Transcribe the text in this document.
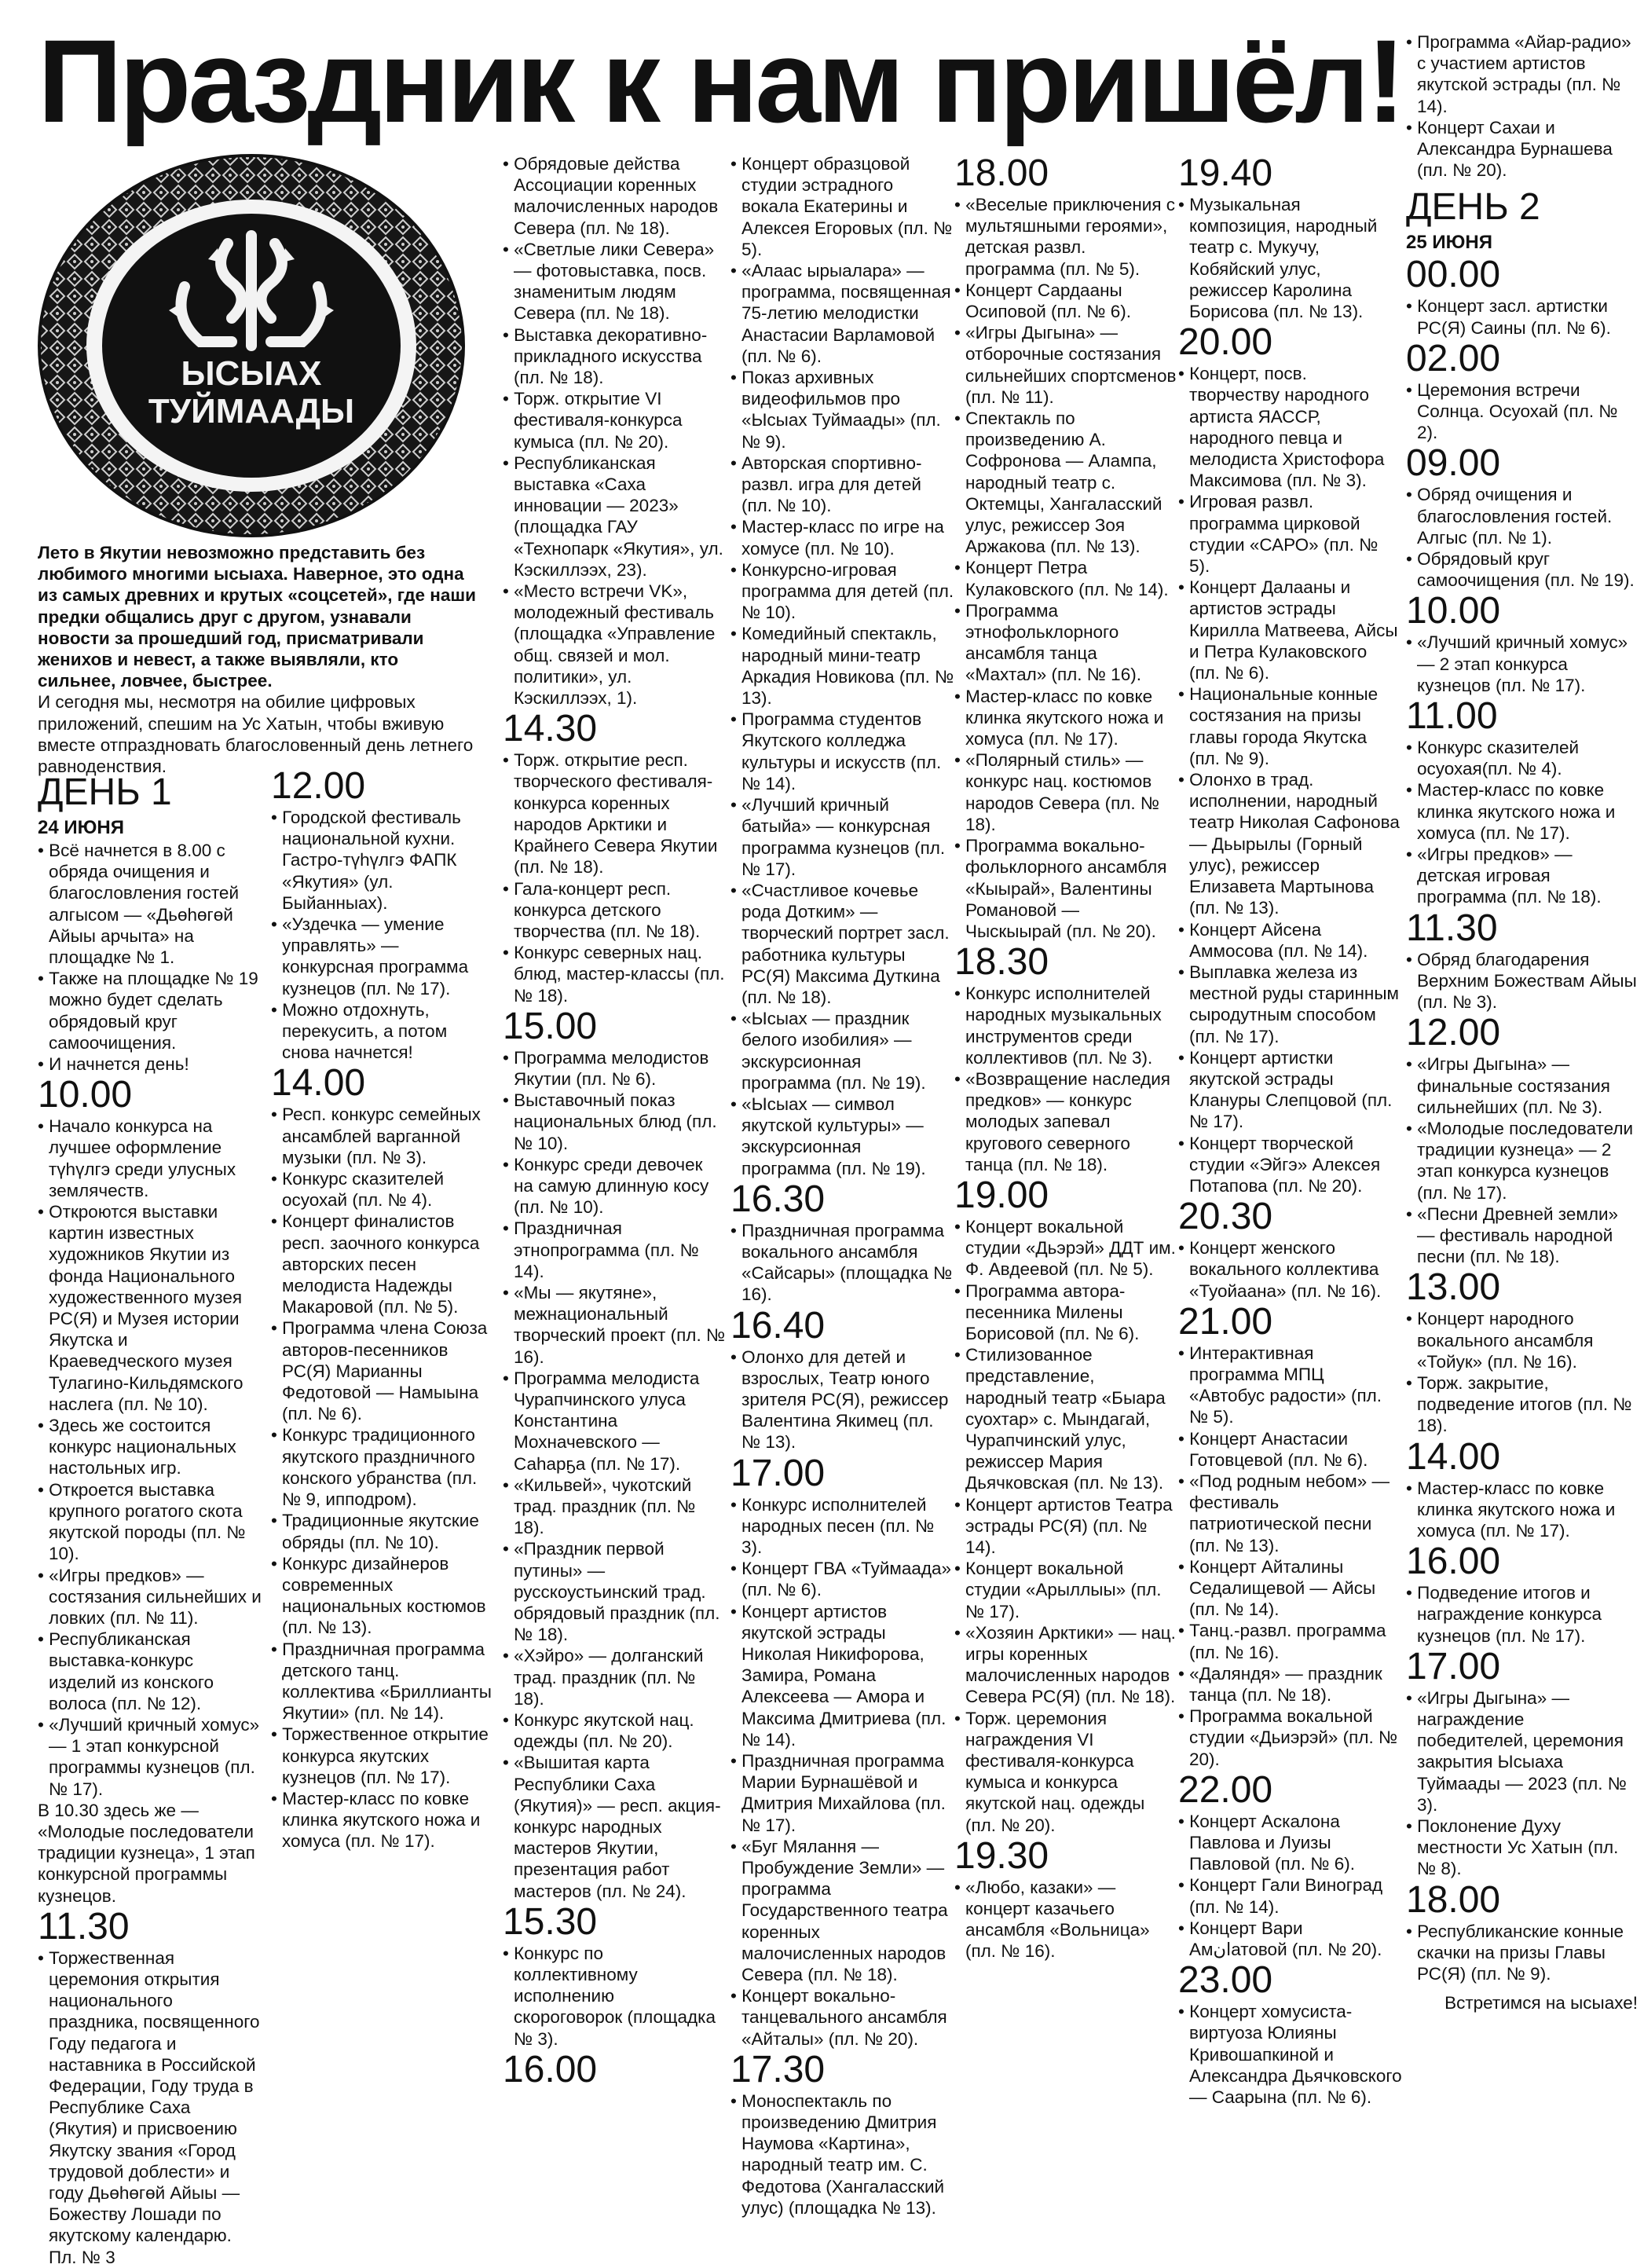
Праздник к нам пришёл!
ЫСЫАХ
ТУЙМААДЫ

Лето в Якутии невозможно представить без любимого многими ысыаха. Наверное, это одна из самых древних и крутых «соцсетей», где наши предки общались друг с другом, узнавали новости за прошедший год, присматривали женихов и невест, а также выявляли, кто сильнее, ловчее, быстрее.

И сегодня мы, несмотря на обилие цифровых приложений, спешим на Ус Хатын, чтобы вживую вместе отпраздновать благословенный день летнего равноденствия.

ДЕНЬ 1

24 ИЮНЯ

• Всё начнется в 8.00 с обряда очищения и благословления гостей алгысом — «Дьөһөгөй Айыы арчыта» на площадке № 1.

• Также на площадке № 19 можно будет сделать обрядовый круг самоочищения.

• И начнется день!

10.00

• Начало конкурса на лучшее оформление түһүлгэ среди улусных землячеств.

• Откроются выставки картин известных художников Якутии из фонда Национального художественного музея РС(Я) и Музея истории Якутска и Краеведческого музея Тулагино-Кильдямского наслега (пл. № 10).

• Здесь же состоится конкурс национальных настольных игр.

• Откроется выставка крупного рогатого скота якутской породы (пл. № 10).

• «Игры предков» — состязания сильнейших и ловких (пл. № 11).

• Республиканская выставка-конкурс изделий из конского волоса (пл. № 12).

• «Лучший кричный хомус» — 1 этап конкурсной программы кузнецов (пл. № 17).

В 10.30 здесь же — «Молодые последователи традиции кузнеца», 1 этап конкурсной программы кузнецов.

11.30

• Торжественная церемония открытия национального праздника, посвященного Году педагога и наставника в Российской Федерации, Году труда в Республике Саха (Якутия) и присвоению Якутску звания «Город трудовой доблести» и году Дьөһөгөй Айыы — Божеству Лошади по якутскому календарю. Пл. № 3

12.00

• Городской фестиваль национальной кухни. Гастро-түһүлгэ ФАПК «Якутия» (ул. Быйанныах).

• «Уздечка — умение управлять» — конкурсная программа кузнецов (пл. № 17).

• Можно отдохнуть, перекусить, а потом снова начнется!

14.00

• Респ. конкурс семейных ансамблей варганной музыки (пл. № 3).

• Конкурс сказителей осуохай (пл. № 4).

• Концерт финалистов респ. заочного конкурса авторских песен мелодиста Надежды Макаровой (пл. № 5).

• Программа члена Союза авторов-песенников РС(Я) Марианны Федотовой — Намыына (пл. № 6).

• Конкурс традиционного якутского праздничного конского убранства (пл. № 9, ипподром).

• Традиционные якутские обряды (пл. № 10).

• Конкурс дизайнеров современных национальных костюмов (пл. № 13).

• Праздничная программа детского танц. коллектива «Бриллианты Якутии» (пл. № 14).

• Торжественное открытие конкурса якутских кузнецов (пл. № 17).

• Мастер-класс по ковке клинка якутского ножа и хомуса (пл. № 17).

• Обрядовые действа Ассоциации коренных малочисленных народов Севера (пл. № 18).

• «Светлые лики Севера» — фотовыставка, посв. знаменитым людям Севера (пл. № 18).

• Выставка декоративно-прикладного искусства (пл. № 18).

• Торж. открытие VI фестиваля-конкурса кумыса (пл. № 20).

• Республиканская выставка «Саха инновации — 2023» (площадка ГАУ «Технопарк «Якутия», ул. Кэскиллээх, 23).

• «Место встречи VK», молодежный фестиваль (площадка «Управление общ. связей и мол. политики», ул. Кэскиллээх, 1).

14.30

• Торж. открытие респ. творческого фестиваля-конкурса коренных народов Арктики и Крайнего Севера Якутии (пл. № 18).

• Гала-концерт респ. конкурса детского творчества (пл. № 18).

• Конкурс северных нац. блюд, мастер-классы (пл. № 18).

15.00

• Программа мелодистов Якутии (пл. № 6).

• Выставочный показ национальных блюд (пл. № 10).

• Конкурс среди девочек на самую длинную косу (пл. № 10).

• Праздничная этнопрограмма (пл. № 14).

• «Мы — якутяне», межнациональный творческий проект (пл. № 16).

• Программа мелодиста Чурапчинского улуса Константина Мохначевского — Саһарҕа (пл. № 17).

• «Кильвей», чукотский трад. праздник (пл. № 18).

• «Праздник первой путины» — русскоустьинский трад. обрядовый праздник (пл. № 18).

• «Хэйро» — долганский трад. праздник (пл. № 18).

• Конкурс якутской нац. одежды (пл. № 20).

• «Вышитая карта Республики Саха (Якутия)» — респ. акция-конкурс народных мастеров Якутии, презентация работ мастеров (пл. № 24).

15.30

• Конкурс по коллективному исполнению скороговорок (площадка № 3).

16.00

• Концерт образцовой студии эстрадного вокала Екатерины и Алексея Егоровых (пл. № 5).

• «Алаас ырыалара» — программа, посвященная 75-летию мелодистки Анастасии Варламовой (пл. № 6).

• Показ архивных видеофильмов про «Ысыах Туймаады» (пл. № 9).

• Авторская спортивно-развл. игра для детей (пл. № 10).

• Мастер-класс по игре на хомусе (пл. № 10).

• Конкурсно-игровая программа для детей (пл. № 10).

• Комедийный спектакль, народный мини-театр Аркадия Новикова (пл. № 13).

• Программа студентов Якутского колледжа культуры и искусств (пл. № 14).

• «Лучший кричный батыйа» — конкурсная программа кузнецов (пл. № 17).

• «Счастливое кочевье рода Дотким» — творческий портрет засл. работника культуры РС(Я) Максима Дуткина (пл. № 18).

• «Ысыах — праздник белого изобилия» — экскурсионная программа (пл. № 19).

• «Ысыах — символ якутской культуры» — экскурсионная программа (пл. № 19).

16.30

• Праздничная программа вокального ансамбля «Сайсары» (площадка № 16).

16.40

• Олонхо для детей и взрослых, Театр юного зрителя РС(Я), режиссер Валентина Якимец (пл. № 13).

17.00

• Конкурс исполнителей народных песен (пл. № 3).

• Концерт ГВА «Туймаада» (пл. № 6).

• Концерт артистов якутской эстрады Николая Никифорова, Замира, Романа Алексеева — Амора и Максима Дмитриева (пл. № 14).

• Праздничная программа Марии Бурнашёвой и Дмитрия Михайлова (пл. № 17).

• «Буг Мялання — Пробуждение Земли» — программа Государственного театра коренных малочисленных народов Севера (пл. № 18).

• Концерт вокально-танцевального ансамбля «Айталы» (пл. № 20).

17.30

• Моноспектакль по произведению Дмитрия Наумова «Картина», народный театр им. С. Федотова (Хангаласский улус) (площадка № 13).

18.00

• «Веселые приключения с мультяшными героями», детская развл. программа (пл. № 5).

• Концерт Сардааны Осиповой (пл. № 6).

• «Игры Дыгына» — отборочные состязания сильнейших спортсменов (пл. № 11).

• Спектакль по произведению А. Софронова — Алампа, народный театр с. Октемцы, Хангаласский улус, режиссер Зоя Аржакова (пл. № 13).

• Концерт Петра Кулаковского (пл. № 14).

• Программа этнофольклорного ансамбля танца «Махтал» (пл. № 16).

• Мастер-класс по ковке клинка якутского ножа и хомуса (пл. № 17).

• «Полярный стиль» — конкурс нац. костюмов народов Севера (пл. № 18).

• Программа вокально-фольклорного ансамбля «Кыырай», Валентины Романовой — Чыскыырай (пл. № 20).

18.30

• Конкурс исполнителей народных музыкальных инструментов среди коллективов (пл. № 3).

• «Возвращение наследия предков» — конкурс молодых запевал кругового северного танца (пл. № 18).

19.00

• Концерт вокальной студии «Дьэрэй» ДДТ им. Ф. Авдеевой (пл. № 5).

• Программа автора-песенника Милены Борисовой (пл. № 6).

• Стилизованное представление, народный театр «Быара суохтар» с. Мындагай, Чурапчинский улус, режиссер Мария Дьячковская (пл. № 13).

• Концерт артистов Театра эстрады РС(Я) (пл. № 14).

• Концерт вокальной студии «Арыллыы» (пл. № 17).

• «Хозяин Арктики» — нац. игры коренных малочисленных народов Севера РС(Я) (пл. № 18).

• Торж. церемония награждения VI фестиваля-конкурса кумыса и конкурса якутской нац. одежды (пл. № 20).

19.30

• «Любо, казаки» — концерт казачьего ансамбля «Вольница» (пл. № 16).

19.40

• Музыкальная композиция, народный театр с. Мукучу, Кобяйский улус, режиссер Каролина Борисова (пл. № 13).

20.00

• Концерт, посв. творчеству народного артиста ЯАССР, народного певца и мелодиста Христофора Максимова (пл. № 3).

• Игровая развл. программа цирковой студии «САРО» (пл. № 5).

• Концерт Далааны и артистов эстрады Кирилла Матвеева, Айсы и Петра Кулаковского (пл. № 6).

• Национальные конные состязания на призы главы города Якутска (пл. № 9).

• Олонхо в трад. исполнении, народный театр Николая Сафонова — Дьырылы (Горный улус), режиссер Елизавета Мартынова (пл. № 13).

• Концерт Айсена Аммосова (пл. № 14).

• Выплавка железа из местной руды старинным сыродутным способом (пл. № 17).

• Концерт артистки якутской эстрады Клануры Слепцовой (пл. № 17).

• Концерт творческой студии «Эйгэ» Алексея Потапова (пл. № 20).

20.30

• Концерт женского вокального коллектива «Туойаана» (пл. № 16).

21.00

• Интерактивная программа МПЦ «Автобус радости» (пл. № 5).

• Концерт Анастасии Готовцевой (пл. № 6).

• «Под родным небом» — фестиваль патриотической песни (пл. № 13).

• Концерт Айталины Седалищевой — Айсы (пл. № 14).

• Танц.-развл. программа (пл. № 16).

• «Даляндя» — праздник танца (пл. № 18).

• Программа вокальной студии «Дьиэрэй» (пл. № 20).

22.00

• Концерт Аскалона Павлова и Луизы Павловой (пл. № 6).

• Концерт Гали Виноград (пл. № 14).

• Концерт Вари Амانатовой (пл. № 20).

23.00

• Концерт хомусиста-виртуоза Юлияны Кривошапкиной и Александра Дьячковского — Саарына (пл. № 6).

• Программа «Айар-радио» с участием артистов якутской эстрады (пл. № 14).

• Концерт Сахаи и Александра Бурнашева (пл. № 20).

ДЕНЬ 2

25 ИЮНЯ

00.00

• Концерт засл. артистки РС(Я) Саины (пл. № 6).

02.00

• Церемония встречи Солнца. Осуохай (пл. № 2).

09.00

• Обряд очищения и благословления гостей. Алгыс (пл. № 1).

• Обрядовый круг самоочищения (пл. № 19).

10.00

• «Лучший кричный хомус» — 2 этап конкурса кузнецов (пл. № 17).

11.00

• Конкурс сказителей осуохая(пл. № 4).

• Мастер-класс по ковке клинка якутского ножа и хомуса (пл. № 17).

• «Игры предков» — детская игровая программа (пл. № 18).

11.30

• Обряд благодарения Верхним Божествам Айыы (пл. № 3).

12.00

• «Игры Дыгына» — финальные состязания сильнейших (пл. № 3).

• «Молодые последователи традиции кузнеца» — 2 этап конкурса кузнецов (пл. № 17).

• «Песни Древней земли» — фестиваль народной песни (пл. № 18).

13.00

• Концерт народного вокального ансамбля «Тойук» (пл. № 16).

• Торж. закрытие, подведение итогов (пл. № 18).

14.00

• Мастер-класс по ковке клинка якутского ножа и хомуса (пл. № 17).

16.00

• Подведение итогов и награждение конкурса кузнецов (пл. № 17).

17.00

• «Игры Дыгына» — награждение победителей, церемония закрытия Ысыаха Туймаады — 2023 (пл. № 3).

• Поклонение Духу местности Ус Хатын (пл. № 8).

18.00

• Республиканские конные скачки на призы Главы РС(Я) (пл. № 9).

Встретимся на ысыахе!
